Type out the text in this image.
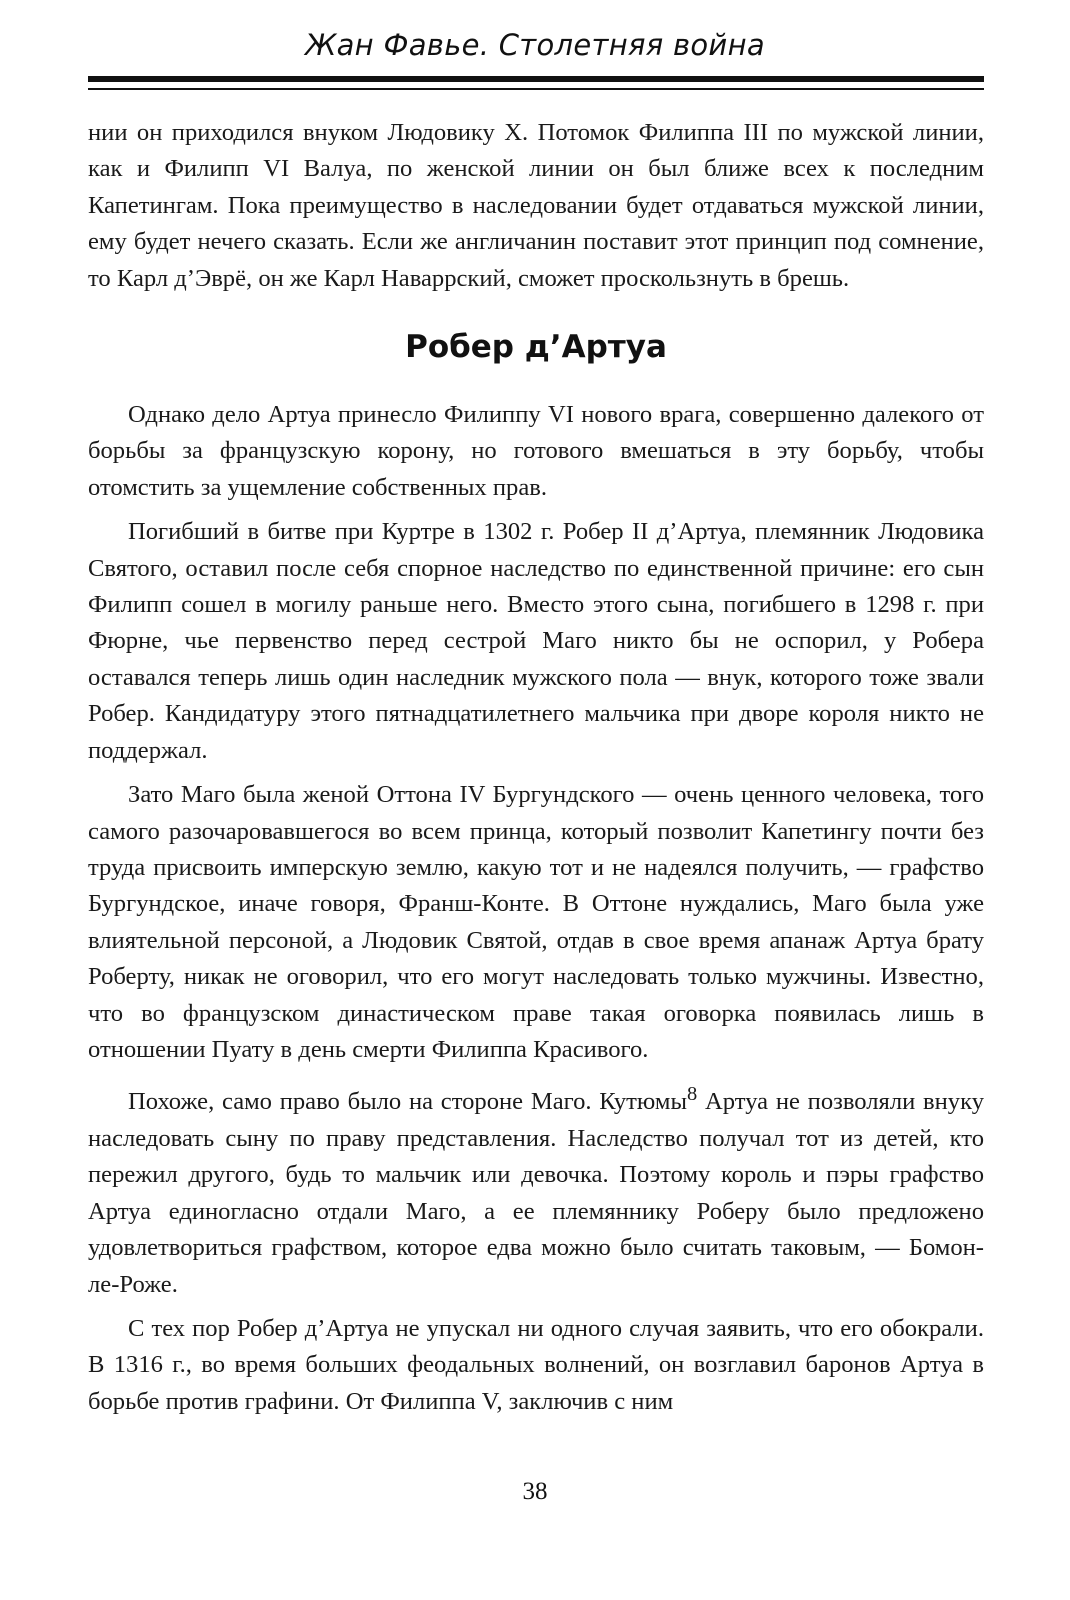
Жан Фавье. Столетняя война

нии он приходился внуком Людовику X. Потомок Филиппа III по мужской линии, как и Филипп VI Валуа, по женской линии он был ближе всех к последним Капетингам. Пока преимущество в наследовании будет отдаваться мужской линии, ему будет нечего сказать. Если же англичанин поставит этот принцип под сомнение, то Карл д’Эврё, он же Карл Наваррский, сможет проскользнуть в брешь.

Робер д’Артуа

Однако дело Артуа принесло Филиппу VI нового врага, совершенно далекого от борьбы за французскую корону, но готового вмешаться в эту борьбу, чтобы отомстить за ущемление собственных прав.

Погибший в битве при Куртре в 1302 г. Робер II д’Артуа, племянник Людовика Святого, оставил после себя спорное наследство по единственной причине: его сын Филипп сошел в могилу раньше него. Вместо этого сына, погибшего в 1298 г. при Фюрне, чье первенство перед сестрой Маго никто бы не оспорил, у Робера оставался теперь лишь один наследник мужского пола — внук, которого тоже звали Робер. Кандидатуру этого пятнадцатилетнего мальчика при дворе короля никто не поддержал.

Зато Маго была женой Оттона IV Бургундского — очень ценного человека, того самого разочаровавшегося во всем принца, который позволит Капетингу почти без труда присвоить имперскую землю, какую тот и не надеялся получить, — графство Бургундское, иначе говоря, Франш-Конте. В Оттоне нуждались, Маго была уже влиятельной персоной, а Людовик Святой, отдав в свое время апанаж Артуа брату Роберту, никак не оговорил, что его могут наследовать только мужчины. Известно, что во французском династическом праве такая оговорка появилась лишь в отношении Пуату в день смерти Филиппа Красивого.

Похоже, само право было на стороне Маго. Кутюмы$^8$ Артуа не позволяли внуку наследовать сыну по праву представления. Наследство получал тот из детей, кто пережил другого, будь то мальчик или девочка. Поэтому король и пэры графство Артуа единогласно отдали Маго, а ее племяннику Роберу было предложено удовлетвориться графством, которое едва можно было считать таковым, — Бомон-ле-Роже.

С тех пор Робер д’Артуа не упускал ни одного случая заявить, что его обокрали. В 1316 г., во время больших феодальных волнений, он возглавил баронов Артуа в борьбе против графини. От Филиппа V, заключив с ним

38
